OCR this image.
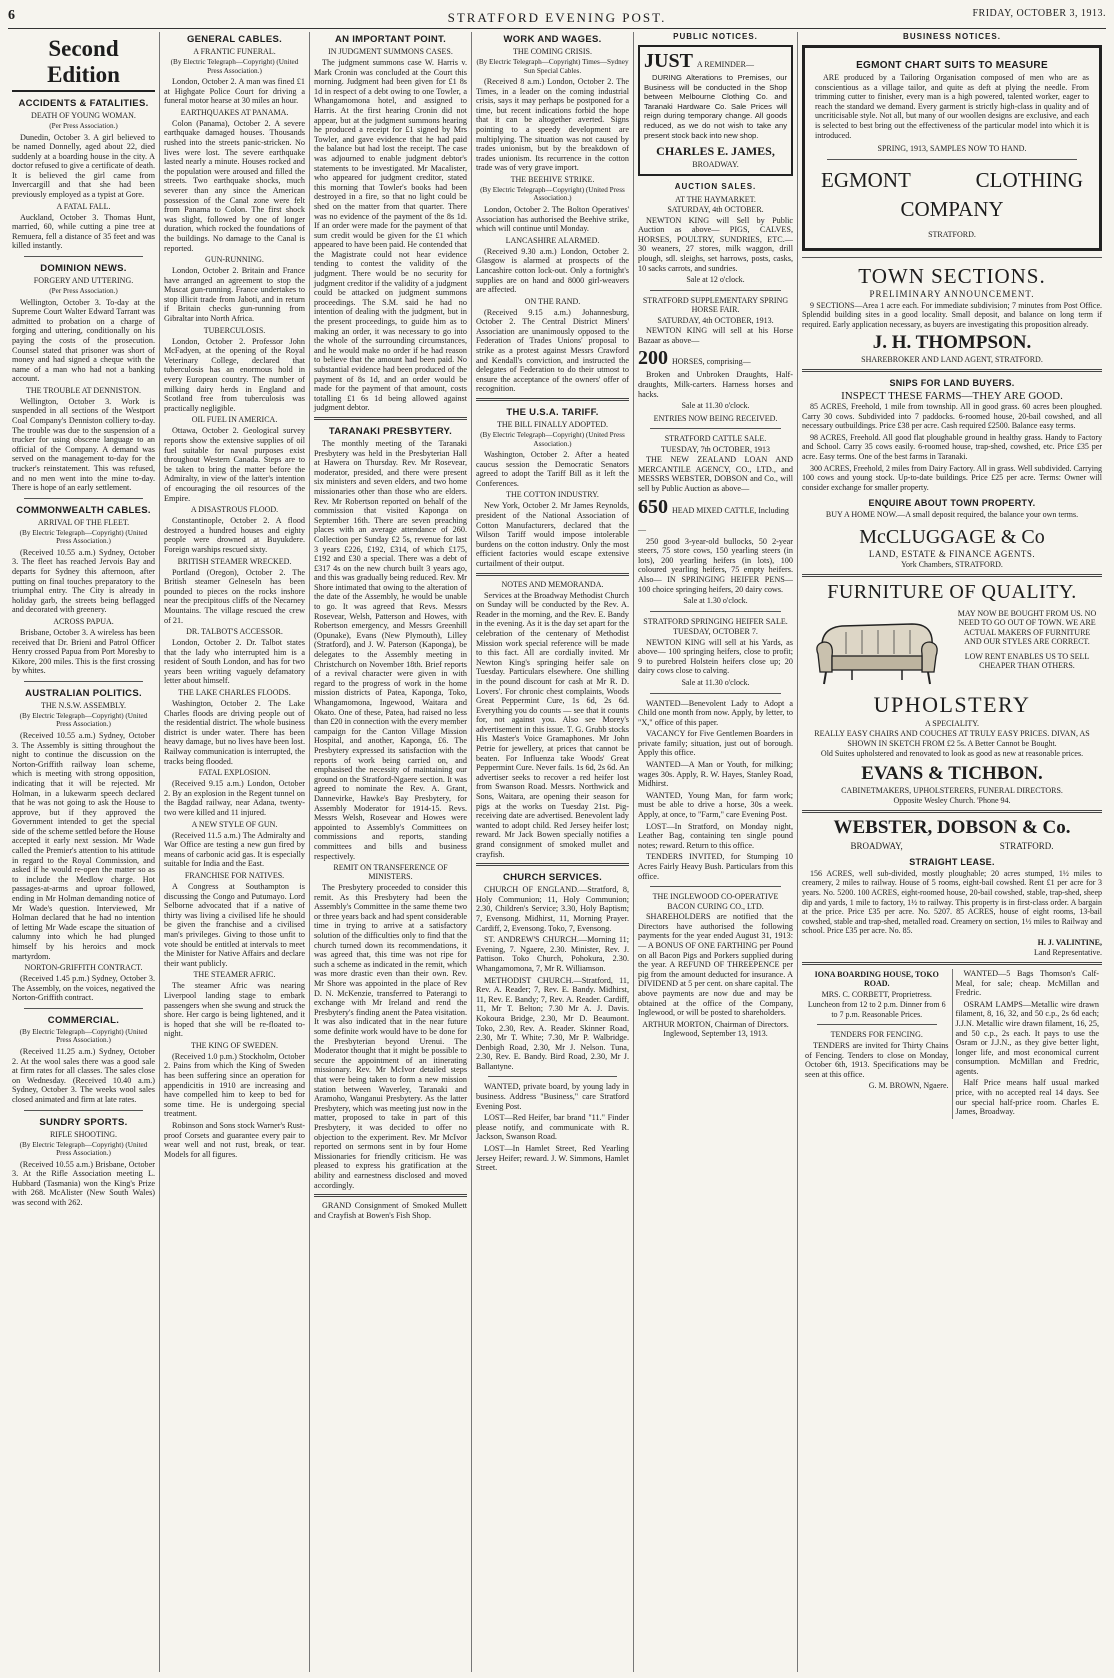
6	STRATFORD EVENING POST.	FRIDAY, OCTOBER 3, 1913.
Second Edition
ACCIDENTS & FATALITIES.
DEATH OF YOUNG WOMAN.
(Per Press Association.)

Dunedin, October 3. A girl believed to be named Donnelly, aged about 22, died suddenly at a boarding house in the city. A doctor refused to give a certificate of death. It is believed the girl came from Invercargill and that she had been previously employed as a typist at Gore.

A FATAL FALL.

Auckland, October 3. Thomas Hunt, married, 60, while cutting a pine tree at Remuera, fell a distance of 35 feet and was killed instantly.

DOMINION NEWS.
FORGERY AND UTTERING.
(Per Press Association.)

Wellington, October 3. To-day at the Supreme Court Walter Edward Tarrant was admitted to probation on a charge of forging and uttering, conditionally on his paying the costs of the prosecution. Counsel stated that prisoner was short of money and had signed a cheque with the name of a man who had not a banking account.

THE TROUBLE AT DENNISTON.

Wellington, October 3. Work is suspended in all sections of the Westport Coal Company's Denniston colliery to-day. The trouble was due to the suspension of a trucker for using obscene language to an official of the Company. A demand was served on the management to-day for the trucker's reinstatement. This was refused, and no men went into the mine to-day. There is hope of an early settlement.

COMMONWEALTH CABLES.
ARRIVAL OF THE FLEET.
(By Electric Telegraph—Copyright) (United Press Association.)

(Received 10.55 a.m.) Sydney, October 3. The fleet has reached Jervois Bay and departs for Sydney this afternoon, after putting on final touches preparatory to the triumphal entry. The City is already in holiday garb, the streets being beflagged and decorated with greenery.

ACROSS PAPUA.

Brisbane, October 3. A wireless has been received that Dr. Brieni and Patrol Officer Henry crossed Papua from Port Moresby to Kikore, 200 miles. This is the first crossing by whites.

AUSTRALIAN POLITICS.
THE N.S.W. ASSEMBLY.
(By Electric Telegraph—Copyright) (United Press Association.)

(Received 10.55 a.m.) Sydney, October 3. The Assembly is sitting throughout the night to continue the discussion on the Norton-Griffith railway loan scheme, which is meeting with strong opposition, indicating that it will be rejected. Mr Holman, in a lukewarm speech declared that he was not going to ask the House to approve, but if they approved the Government intended to get the special side of the scheme settled before the House accepted it early next session. Mr Wade called the Premier's attention to his attitude in regard to the Royal Commission, and asked if he would re-open the matter so as to include the Medlow charge. Hot passages-at-arms and uproar followed, ending in Mr Holman demanding notice of Mr Wade's question. Interviewed, Mr Holman declared that he had no intention of letting Mr Wade escape the situation of calumny into which he had plunged himself by his heroics and mock martyrdom.

NORTON-GRIFFITH CONTRACT.

(Received 1.45 p.m.) Sydney, October 3. The Assembly, on the voices, negatived the Norton-Griffith contract.

COMMERCIAL.
(By Electric Telegraph—Copyright) (United Press Association.)

(Received 11.25 a.m.) Sydney, October 2. At the wool sales there was a good sale at firm rates for all classes. The sales close on Wednesday. (Received 10.40 a.m.) Sydney, October 3. The weeks wool sales closed animated and firm at late rates.

SUNDRY SPORTS.
RIFLE SHOOTING.
(By Electric Telegraph—Copyright) (United Press Association.)

(Received 10.55 a.m.) Brisbane, October 3. At the Rifle Association meeting L. Hubbard (Tasmania) won the King's Prize with 268. McAlister (New South Wales) was second with 262.

GENERAL CABLES.
A FRANTIC FUNERAL.
(By Electric Telegraph—Copyright) (United Press Association.)

London, October 2. A man was fined £1 at Highgate Police Court for driving a funeral motor hearse at 30 miles an hour.

EARTHQUAKES AT PANAMA.

Colon (Panama), October 2. A severe earthquake damaged houses. Thousands rushed into the streets panic-stricken. No lives were lost. The severe earthquake lasted nearly a minute. Houses rocked and the population were aroused and filled the streets. Two earthquake shocks, much severer than any since the American possession of the Canal zone were felt from Panama to Colon. The first shock was slight, followed by one of longer duration, which rocked the foundations of the buildings. No damage to the Canal is reported.

GUN-RUNNING.

London, October 2. Britain and France have arranged an agreement to stop the Muscat gun-running. France undertakes to stop illicit trade from Jaboti, and in return if Britain checks gun-running from Gibraltar into North Africa.

TUBERCULOSIS.

London, October 2. Professor John McFadyen, at the opening of the Royal Veterinary College, declared that tuberculosis has an enormous hold in every European country. The number of milking dairy herds in England and Scotland free from tuberculosis was practically negligible.

OIL FUEL IN AMERICA.

Ottawa, October 2. Geological survey reports show the extensive supplies of oil fuel suitable for naval purposes exist throughout Western Canada. Steps are to be taken to bring the matter before the Admiralty, in view of the latter's intention of encouraging the oil resources of the Empire.

A DISASTROUS FLOOD.

Constantinople, October 2. A flood destroyed a hundred houses and eighty people were drowned at Buyukdere. Foreign warships rescued sixty.

BRITISH STEAMER WRECKED.

Portland (Oregon), October 2. The British steamer Gelneseln has been pounded to pieces on the rocks inshore near the precipitous cliffs of the Necarney Mountains. The village rescued the crew of 21.

DR. TALBOT'S ACCESSOR.

London, October 2. Dr. Talbot states that the lady who interrupted him is a resident of South London, and has for two years been writing vaguely defamatory letter about himself.

THE LAKE CHARLES FLOODS.

Washington, October 2. The Lake Charles floods are driving people out of the residential district. The whole business district is under water. There has been heavy damage, but no lives have been lost. Railway communication is interrupted, the tracks being flooded.

FATAL EXPLOSION.

(Received 9.15 a.m.) London, October 2. By an explosion in the Regent tunnel on the Bagdad railway, near Adana, twenty-two were killed and 11 injured.

A NEW STYLE OF GUN.

(Received 11.5 a.m.) The Admiralty and War Office are testing a new gun fired by means of carbonic acid gas. It is especially suitable for India and the East.

FRANCHISE FOR NATIVES.

A Congress at Southampton is discussing the Congo and Putumayo. Lord Selborne advocated that if a native of thirty was living a civilised life he should be given the franchise and a civilised man's privileges. Giving to those unfit to vote should be entitled at intervals to meet the Minister for Native Affairs and declare their want publicly.

THE STEAMER AFRIC.

The steamer Afric was nearing Liverpool landing stage to embark passengers when she swung and struck the shore. Her cargo is being lightened, and it is hoped that she will be re-floated to-night.

THE KING OF SWEDEN.

(Received 1.0 p.m.) Stockholm, October 2. Pains from which the King of Sweden has been suffering since an operation for appendicitis in 1910 are increasing and have compelled him to keep to bed for some time. He is undergoing special treatment.

Robinson and Sons stock Warner's Rust-proof Corsets and guarantee every pair to wear well and not rust, break, or tear. Models for all figures.

AN IMPORTANT POINT.
IN JUDGMENT SUMMONS CASES.

The judgment summons case W. Harris v. Mark Cronin was concluded at the Court this morning. Judgment had been given for £1 8s 1d in respect of a debt owing to one Towler, a Whangamomona hotel, and assigned to Harris. At the first hearing Cronin did not appear, but at the judgment summons hearing he produced a receipt for £1 signed by Mrs Towler, and gave evidence that he had paid the balance but had lost the receipt. The case was adjourned to enable judgment debtor's statements to be investigated. Mr Macalister, who appeared for judgment creditor, stated this morning that Towler's books had been destroyed in a fire, so that no light could be shed on the matter from that quarter. There was no evidence of the payment of the 8s 1d. If an order were made for the payment of that sum credit would be given for the £1 which appeared to have been paid. He contended that the Magistrate could not hear evidence tending to contest the validity of the judgment. There would be no security for judgment creditor if the validity of a judgment could be attacked on judgment summons proceedings. The S.M. said he had no intention of dealing with the judgment, but in the present proceedings, to guide him as to making an order, it was necessary to go into the whole of the surrounding circumstances, and he would make no order if he had reason to believe that the amount had been paid. No substantial evidence had been produced of the payment of 8s 1d, and an order would be made for the payment of that amount, costs totalling £1 6s 1d being allowed against judgment debtor.

TARANAKI PRESBYTERY.

The monthly meeting of the Taranaki Presbytery was held in the Presbyterian Hall at Hawera on Thursday. Rev. Mr Rosevear, moderator, presided, and there were present six ministers and seven elders, and two home missionaries other than those who are elders. Rev. Mr Robertson reported on behalf of the commission that visited Kaponga on September 16th. There are seven preaching places with an average attendance of 260. Collection per Sunday £2 5s, revenue for last 3 years £226, £192, £314, of which £175, £192 and £30 a special. There was a debt of £317 4s on the new church built 3 years ago, and this was gradually being reduced. Rev. Mr Shore intimated that owing to the alteration of the date of the Assembly, he would be unable to go. It was agreed that Revs. Messrs Rosevear, Welsh, Patterson and Howes, with Robertson emergency, and Messrs Greenhill (Opunake), Evans (New Plymouth), Lilley (Stratford), and J. W. Paterson (Kaponga), be delegates to the Assembly meeting in Christchurch on November 18th. Brief reports of a revival character were given in with regard to the progress of work in the home mission districts of Patea, Kaponga, Toko, Whangamomona, Ingewood, Waitara and Okato. One of these, Patea, had raised no less than £20 in connection with the every member campaign for the Canton Village Mission Hospital, and another, Kaponga, £6. The Presbytery expressed its satisfaction with the reports of work being carried on, and emphasised the necessity of maintaining our ground on the Stratford-Ngaere section. It was agreed to nominate the Rev. A. Grant, Dannevirke, Hawke's Bay Presbytery, for Assembly Moderator for 1914-15. Revs. Messrs Welsh, Rosevear and Howes were appointed to Assembly's Committees on commissions and reports, standing committees and bills and business respectively.

REMIT ON TRANSFERENCE OF MINISTERS.

The Presbytery proceeded to consider this remit. As this Presbytery had been the Assembly's Committee in the same theme two or three years back and had spent considerable time in trying to arrive at a satisfactory solution of the difficulties only to find that the church turned down its recommendations, it was agreed that, this time was not ripe for such a scheme as indicated in the remit, which was more drastic even than their own. Rev. Mr Shore was appointed in the place of Rev D. N. McKenzie, transferred to Paterangi to exchange with Mr Ireland and rend the Presbytery's finding anent the Patea visitation. It was also indicated that in the near future some definite work would have to be done for the Presbyterian beyond Urenui. The Moderator thought that it might be possible to secure the appointment of an itinerating missionary. Rev. Mr McIvor detailed steps that were being taken to form a new mission station between Waverley, Taranaki and Aramoho, Wanganui Presbytery. As the latter Presbytery, which was meeting just now in the matter, proposed to take in part of this Presbytery, it was decided to offer no objection to the experiment. Rev. Mr McIvor reported on sermons sent in by four Home Missionaries for friendly criticism. He was pleased to express his gratification at the ability and earnestness disclosed and moved accordingly.

GRAND Consignment of Smoked Mullett and Crayfish at Bowen's Fish Shop.

WORK AND WAGES.
THE COMING CRISIS.
(By Electric Telegraph—Copyright) Times—Sydney Sun Special Cables.

(Received 8 a.m.) London, October 2. The Times, in a leader on the coming industrial crisis, says it may perhaps be postponed for a time, but recent indications forbid the hope that it can be altogether averted. Signs pointing to a speedy development are multiplying. The situation was not caused by trades unionism, but by the breakdown of trades unionism. Its recurrence in the cotton trade was of very grave import.

THE BEEHIVE STRIKE.
(By Electric Telegraph—Copyright) (United Press Association.)

London, October 2. The Bolton Operatives' Association has authorised the Beehive strike, which will continue until Monday.

LANCASHIRE ALARMED.

(Received 9.30 a.m.) London, October 2. Glasgow is alarmed at prospects of the Lancashire cotton lock-out. Only a fortnight's supplies are on hand and 8000 girl-weavers are affected.

ON THE RAND.

(Received 9.15 a.m.) Johannesburg, October 2. The Central District Miners' Association are unanimously opposed to the Federation of Trades Unions' proposal to strike as a protest against Messrs Crawford and Kendall's conviction, and instructed the delegates of Federation to do their utmost to ensure the acceptance of the owners' offer of recognition.

THE U.S.A. TARIFF.
THE BILL FINALLY ADOPTED.
(By Electric Telegraph—Copyright) (United Press Association.)

Washington, October 2. After a heated caucus session the Democratic Senators agreed to adopt the Tariff Bill as it left the Conferences.

THE COTTON INDUSTRY.

New York, October 2. Mr James Reynolds, president of the National Association of Cotton Manufacturers, declared that the Wilson Tariff would impose intolerable burdens on the cotton industry. Only the most efficient factories would escape extensive curtailment of their output.

NOTES AND MEMORANDA.

Services at the Broadway Methodist Church on Sunday will be conducted by the Rev. A. Reader in the morning, and the Rev. E. Bandy in the evening. As it is the day set apart for the celebration of the centenary of Methodist Mission work special reference will be made to this fact. All are cordially invited. Mr Newton King's springing heifer sale on Tuesday. Particulars elsewhere. One shilling in the pound discount for cash at Mr R. D. Lovers'. For chronic chest complaints, Woods Great Peppermint Cure, 1s 6d, 2s 6d. Everything you do counts — see that it counts for, not against you. Also see Morey's advertisement in this issue. T. G. Grubb stocks His Master's Voice Gramaphones. Mr John Petrie for jewellery, at prices that cannot be beaten. For Influenza take Woods' Great Peppermint Cure. Never fails. 1s 6d, 2s 6d. An advertiser seeks to recover a red heifer lost from Swanson Road. Messrs. Northwick and Sons, Waitara, are opening their season for pigs at the works on Tuesday 21st. Pig-receiving date are advertised. Benevolent lady wanted to adopt child. Red Jersey heifer lost; reward. Mr Jack Bowen specially notifies a grand consignment of smoked mullet and crayfish.

CHURCH SERVICES.

CHURCH OF ENGLAND.—Stratford, 8, Holy Communion; 11, Holy Communion; 2.30, Children's Service; 3.30, Holy Baptism; 7, Evensong. Midhirst, 11, Morning Prayer. Cardiff, 2, Evensong. Toko, 7, Evensong.

ST. ANDREW'S CHURCH.—Morning 11; Evening, 7. Ngaere, 2.30. Minister, Rev. J. Pattison. Toko Church, Pohokura, 2.30. Whangamomona, 7, Mr R. Williamson.

METHODIST CHURCH.—Stratford, 11, Rev. A. Reader; 7, Rev. E. Bandy. Midhirst, 11, Rev. E. Bandy; 7, Rev. A. Reader. Cardiff, 11, Mr T. Belton; 7.30 Mr A. J. Davis. Kokoura Bridge, 2.30, Mr D. Beaumont. Toko, 2.30, Rev. A. Reader. Skinner Road, 2.30, Mr T. White; 7.30, Mr P. Walbridge. Denbigh Road, 2.30, Mr J. Nelson. Tuna, 2.30, Rev. E. Bandy. Bird Road, 2.30, Mr J. Ballantyne.

WANTED, private board, by young lady in business. Address "Business," care Stratford Evening Post.

LOST—Red Heifer, bar brand "11." Finder please notify, and communicate with R. Jackson, Swanson Road.

LOST—In Hamlet Street, Red Yearling Jersey Heifer; reward. J. W. Simmons, Hamlet Street.

PUBLIC NOTICES.
JUST A REMINDER—

DURING Alterations to Premises, our Business will be conducted in the Shop between Melbourne Clothing Co. and Taranaki Hardware Co. Sale Prices will reign during temporary change. All goods reduced, as we do not wish to take any present stock back into new shop.

CHARLES E. JAMES,
BROADWAY.
AUCTION SALES.
AT THE HAYMARKET.
SATURDAY, 4th OCTOBER.

NEWTON KING will Sell by Public Auction as above— PIGS, CALVES, HORSES, POULTRY, SUNDRIES, ETC.— 30 weaners, 27 stores, milk waggon, drill plough, sdl. sleighs, set harrows, posts, casks, 10 sacks carrots, and sundries.

Sale at 12 o'clock.
STRATFORD SUPPLEMENTARY SPRING HORSE FAIR.
SATURDAY, 4th OCTOBER, 1913.

NEWTON KING will sell at his Horse Bazaar as above—

200 HORSES, comprising—

Broken and Unbroken Draughts, Half-draughts, Milk-carters. Harness horses and hacks.

Sale at 11.30 o'clock.
ENTRIES NOW BEING RECEIVED.
STRATFORD CATTLE SALE.
TUESDAY, 7th OCTOBER, 1913

THE NEW ZEALAND LOAN AND MERCANTILE AGENCY, CO., LTD., and MESSRS WEBSTER, DOBSON and Co., will sell by Public Auction as above—

650 HEAD MIXED CATTLE, Including—

250 good 3-year-old bullocks, 50 2-year steers, 75 store cows, 150 yearling steers (in lots), 200 yearling heifers (in lots), 100 coloured yearling heifers, 75 empty heifers. Also— IN SPRINGING HEIFER PENS— 100 choice springing heifers, 20 dairy cows.

Sale at 1.30 o'clock.
STRATFORD SPRINGING HEIFER SALE.
TUESDAY, OCTOBER 7.

NEWTON KING will sell at his Yards, as above— 100 springing heifers, close to profit; 9 to purebred Holstein heifers close up; 20 dairy cows close to calving.

Sale at 11.30 o'clock.

WANTED—Benevolent Lady to Adopt a Child one month from now. Apply, by letter, to "X," office of this paper.

VACANCY for Five Gentlemen Boarders in private family; situation, just out of borough. Apply this office.

WANTED—A Man or Youth, for milking; wages 30s. Apply, R. W. Hayes, Stanley Road, Midhirst.

WANTED, Young Man, for farm work; must be able to drive a horse, 30s a week. Apply, at once, to "Farm," care Evening Post.

LOST—In Stratford, on Monday night, Leather Bag, containing ten single pound notes; reward. Return to this office.

TENDERS INVITED, for Stumping 10 Acres Fairly Heavy Bush. Particulars from this office.

THE INGLEWOOD CO-OPERATIVE BACON CURING CO., LTD.

SHAREHOLDERS are notified that the Directors have authorised the following payments for the year ended August 31, 1913:— A BONUS OF ONE FARTHING per Pound on all Bacon Pigs and Porkers supplied during the year. A REFUND OF THREEPENCE per pig from the amount deducted for insurance. A DIVIDEND at 5 per cent. on share capital. The above payments are now due and may be obtained at the office of the Company, Inglewood, or will be posted to shareholders.

ARTHUR MORTON, Chairman of Directors. Inglewood, September 13, 1913.
BUSINESS NOTICES.
EGMONT CHART SUITS TO MEASURE

ARE produced by a Tailoring Organisation composed of men who are as conscientious as a village tailor, and quite as deft at plying the needle. From trimming cutter to finisher, every man is a high powered, talented worker, eager to reach the standard we demand. Every garment is strictly high-class in quality and of uncriticisable style. Not all, but many of our woollen designs are exclusive, and each is selected to best bring out the effectiveness of the particular model into which it is introduced.

SPRING, 1913, SAMPLES NOW TO HAND.
EGMONT	CLOTHING
COMPANY
STRATFORD.
TOWN SECTIONS.
PRELIMINARY ANNOUNCEMENT.

9 SECTIONS—Area 1 acre each. For immediate subdivision; 7 minutes from Post Office. Splendid building sites in a good locality. Small deposit, and balance on long term if required. Early application necessary, as buyers are investigating this proposition already.

J. H. THOMPSON.
SHAREBROKER AND LAND AGENT, STRATFORD.
SNIPS FOR LAND BUYERS.
INSPECT THESE FARMS—THEY ARE GOOD.

85 ACRES, Freehold, 1 mile from township. All in good grass. 60 acres been ploughed. Carry 30 cows. Subdivided into 7 paddocks. 6-roomed house, 20-bail cowshed, and all necessary outbuildings. Price £38 per acre. Cash required £2500. Balance easy terms.

98 ACRES, Freehold. All good flat ploughable ground in healthy grass. Handy to Factory and School. Carry 35 cows easily. 6-roomed house, trap-shed, cowshed, etc. Price £35 per acre. Easy terms. One of the best farms in Taranaki.

300 ACRES, Freehold, 2 miles from Dairy Factory. All in grass. Well subdivided. Carrying 100 cows and young stock. Up-to-date buildings. Price £25 per acre. Terms: Owner will consider exchange for smaller property.

ENQUIRE ABOUT TOWN PROPERTY.
BUY A HOME NOW.—A small deposit required, the balance your own terms.
McCLUGGAGE & Co
LAND, ESTATE & FINANCE AGENTS.
York Chambers, STRATFORD.
FURNITURE OF QUALITY.
MAY NOW BE BOUGHT FROM US. NO NEED TO GO OUT OF TOWN. WE ARE ACTUAL MAKERS OF FURNITURE AND OUR STYLES ARE CORRECT.
LOW RENT ENABLES US TO SELL CHEAPER THAN OTHERS.
UPHOLSTERY
A SPECIALITY.
REALLY EASY CHAIRS AND COUCHES AT TRULY EASY PRICES. DIVAN, AS SHOWN IN SKETCH FROM £2 5s. A Better Cannot be Bought.
Old Suites upholstered and renovated to look as good as new at reasonable prices.
EVANS & TICHBON.
CABINETMAKERS, UPHOLSTERERS, FUNERAL DIRECTORS.
Opposite Wesley Church. 'Phone 94.
WEBSTER, DOBSON & Co.
BROADWAY,	STRATFORD.
STRAIGHT LEASE.

156 ACRES, well sub-divided, mostly ploughable; 20 acres stumped, 1½ miles to creamery, 2 miles to railway. House of 5 rooms, eight-bail cowshed. Rent £1 per acre for 3 years. No. 5200. 100 ACRES, eight-roomed house, 20-bail cowshed, stable, trap-shed, sheep dip and yards, 1 mile to factory, 1½ to railway. This property is in first-class order. A bargain at the price. Price £35 per acre. No. 5207. 85 ACRES, house of eight rooms, 13-bail cowshed, stable and trap-shed, metalled road. Creamery on section, 1½ miles to Railway and school. Price £35 per acre. No. 85.

H. J. VALINTINE,
Land Representative.
IONA BOARDING HOUSE, TOKO ROAD.
MRS. C. CORBETT, Proprietress.
Luncheon from 12 to 2 p.m. Dinner from 6 to 7 p.m. Reasonable Prices.
TENDERS FOR FENCING.

TENDERS are invited for Thirty Chains of Fencing. Tenders to close on Monday, October 6th, 1913. Specifications may be seen at this office.

G. M. BROWN, Ngaere.

WANTED—5 Bags Thomson's Calf-Meal, for sale; cheap. McMillan and Fredric.

OSRAM LAMPS—Metallic wire drawn filament, 8, 16, 32, and 50 c.p., 2s 6d each; J.J.N. Metallic wire drawn filament, 16, 25, and 50 c.p., 2s each. It pays to use the Osram or J.J.N., as they give better light, longer life, and most economical current consumption. McMillan and Fredric, agents.

Half Price means half usual marked price, with no accepted real 14 days. See our special half-price room. Charles E. James, Broadway.
